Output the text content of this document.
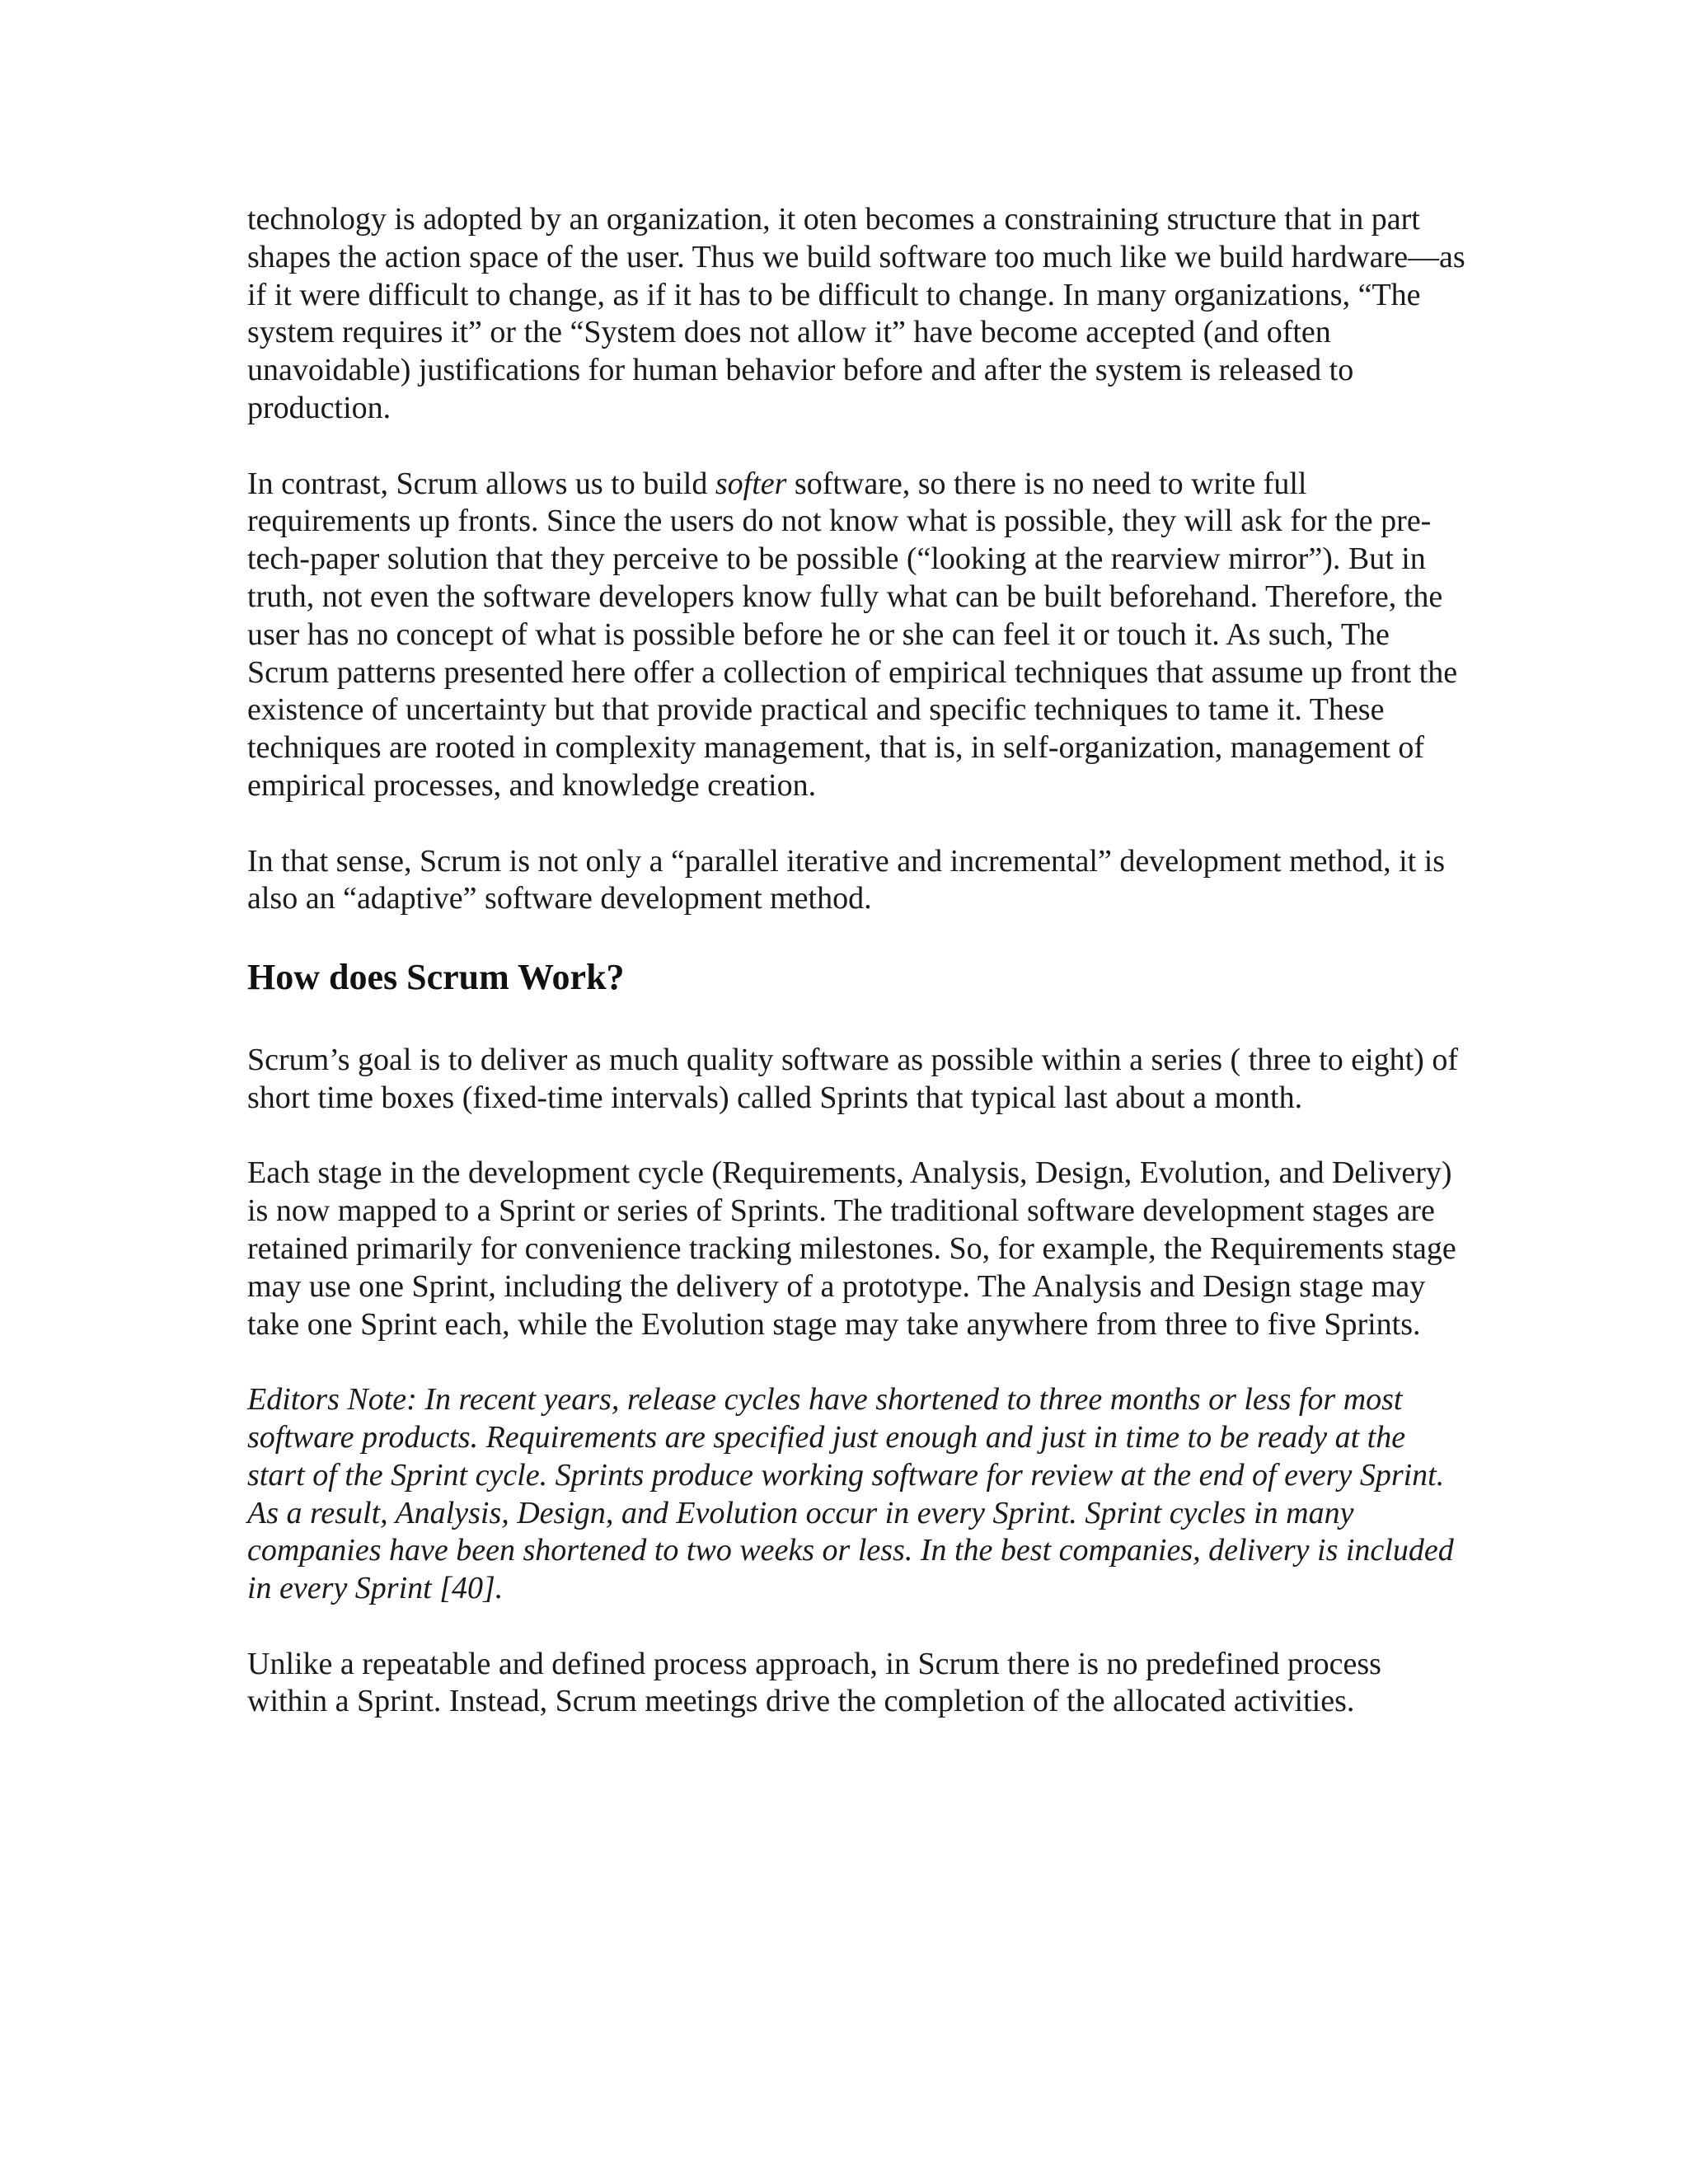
technology is adopted by an organization, it oten becomes a constraining structure that in part shapes the action space of the user. Thus we build software too much like we build hardware—as if it were difficult to change, as if it has to be difficult to change. In many organizations, “The system requires it” or the “System does not allow it” have become accepted (and often unavoidable) justifications for human behavior before and after the system is released to production.

In contrast, Scrum allows us to build softer software, so there is no need to write full requirements up fronts. Since the users do not know what is possible, they will ask for the pre-tech-paper solution that they perceive to be possible (“looking at the rearview mirror”). But in truth, not even the software developers know fully what can be built beforehand. Therefore, the user has no concept of what is possible before he or she can feel it or touch it. As such, The Scrum patterns presented here offer a collection of empirical techniques that assume up front the existence of uncertainty but that provide practical and specific techniques to tame it. These techniques are rooted in complexity management, that is, in self-organization, management of empirical processes, and knowledge creation.

In that sense, Scrum is not only a “parallel iterative and incremental” development method, it is also an “adaptive” software development method.

How does Scrum Work?

Scrum’s goal is to deliver as much quality software as possible within a series ( three to eight) of short time boxes (fixed-time intervals) called Sprints that typical last about a month.

Each stage in the development cycle (Requirements, Analysis, Design, Evolution, and Delivery) is now mapped to a Sprint or series of Sprints. The traditional software development stages are retained primarily for convenience tracking milestones. So, for example, the Requirements stage may use one Sprint, including the delivery of a prototype. The Analysis and Design stage may take one Sprint each, while the Evolution stage may take anywhere from three to five Sprints.

Editors Note: In recent years, release cycles have shortened to three months or less for most software products. Requirements are specified just enough and just in time to be ready at the start of the Sprint cycle. Sprints produce working software for review at the end of every Sprint. As a result, Analysis, Design, and Evolution occur in every Sprint. Sprint cycles in many companies have been shortened to two weeks or less. In the best companies, delivery is included in every Sprint [40].

Unlike a repeatable and defined process approach, in Scrum there is no predefined process within a Sprint. Instead, Scrum meetings drive the completion of the allocated activities.
